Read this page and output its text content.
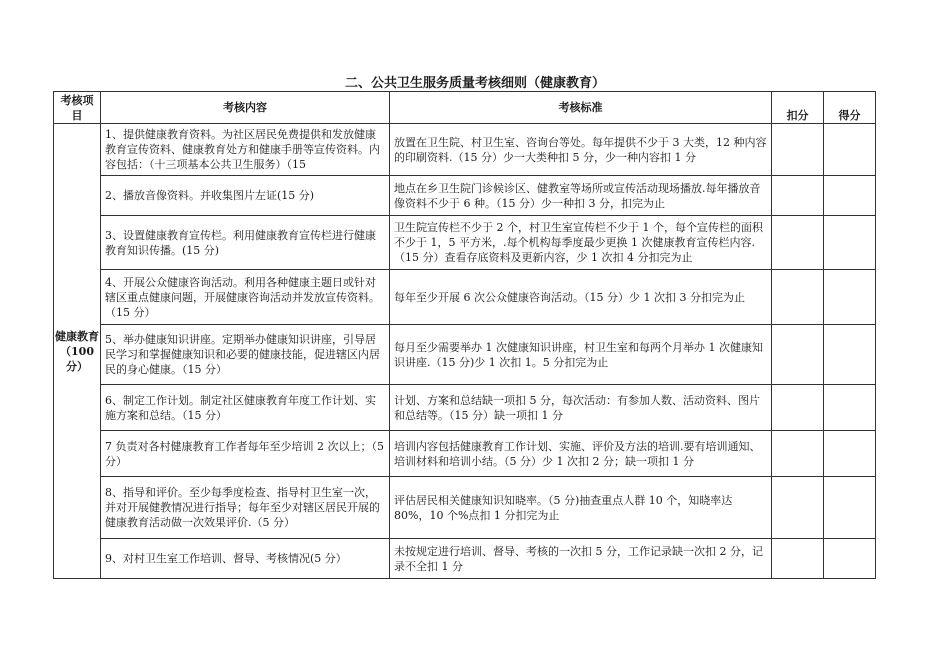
二、公共卫生服务质量考核细则（健康教育）
考核项目	考核内容	考核标准	扣分	得分
健康教育（100分）	1、提供健康教育资料。为社区居民免费提供和发放健康教育宣传资料、健康教育处方和健康手册等宣传资料。内容包括：（十三项基本公共卫生服务）（15	放置在卫生院、村卫生室、咨询台等处。每年提供不少于 3 大类，12 种内容的印刷资料.（15 分）少一大类种扣 5 分，少一种内容扣 1 分		
	2、播放音像资料。并收集图片左证(15 分)	地点在乡卫生院门诊候诊区、健教室等场所或宣传活动现场播放.每年播放音像资料不少于 6 种。（15 分）少一种扣 3 分，扣完为止		
	3、设置健康教育宣传栏。利用健康教育宣传栏进行健康教育知识传播。(15 分)	卫生院宣传栏不少于 2 个，村卫生室宣传栏不少于 1 个，每个宣传栏的面积不少于 1，5 平方米，.每个机构每季度最少更换 1 次健康教育宣传栏内容.（15 分）查看存底资料及更新内容，少 1 次扣 4 分扣完为止		
	4、开展公众健康咨询活动。利用各种健康主题日或针对辖区重点健康问题，开展健康咨询活动并发放宣传资料。（15 分）	每年至少开展 6 次公众健康咨询活动。（15 分）少 1 次扣 3 分扣完为止		
	5、举办健康知识讲座。定期举办健康知识讲座，引导居民学习和掌握健康知识和必要的健康技能，促进辖区内居民的身心健康。（15 分）	每月至少需要举办 1 次健康知识讲座，村卫生室和每两个月举办 1 次健康知识讲座.（15 分)少 1 次扣 1。5 分扣完为止		
	6、制定工作计划。制定社区健康教育年度工作计划、实施方案和总结。（15 分）	计划、方案和总结缺一项扣 5 分，每次活动：有参加人数、活动资料、图片和总结等。（15 分）缺一项扣 1 分		
	7 负责对各村健康教育工作者每年至少培训 2 次以上；（5 分）	培训内容包括健康教育工作计划、实施、评价及方法的培训.要有培训通知、培训材料和培训小结。（5 分）少 1 次扣 2 分；缺一项扣 1 分		
	8、指导和评价。至少每季度检查、指导村卫生室一次，并对开展健教情况进行指导；每年至少对辖区居民开展的健康教育活动做一次效果评价.（5 分）	评估居民相关健康知识知晓率。（5 分)抽查重点人群 10 个，知晓率达 80%，10 个%点扣 1 分扣完为止		
	9、对村卫生室工作培训、督导、考核情况(5 分）	未按规定进行培训、督导、考核的一次扣 5 分，工作记录缺一次扣 2 分，记录不全扣 1 分		
